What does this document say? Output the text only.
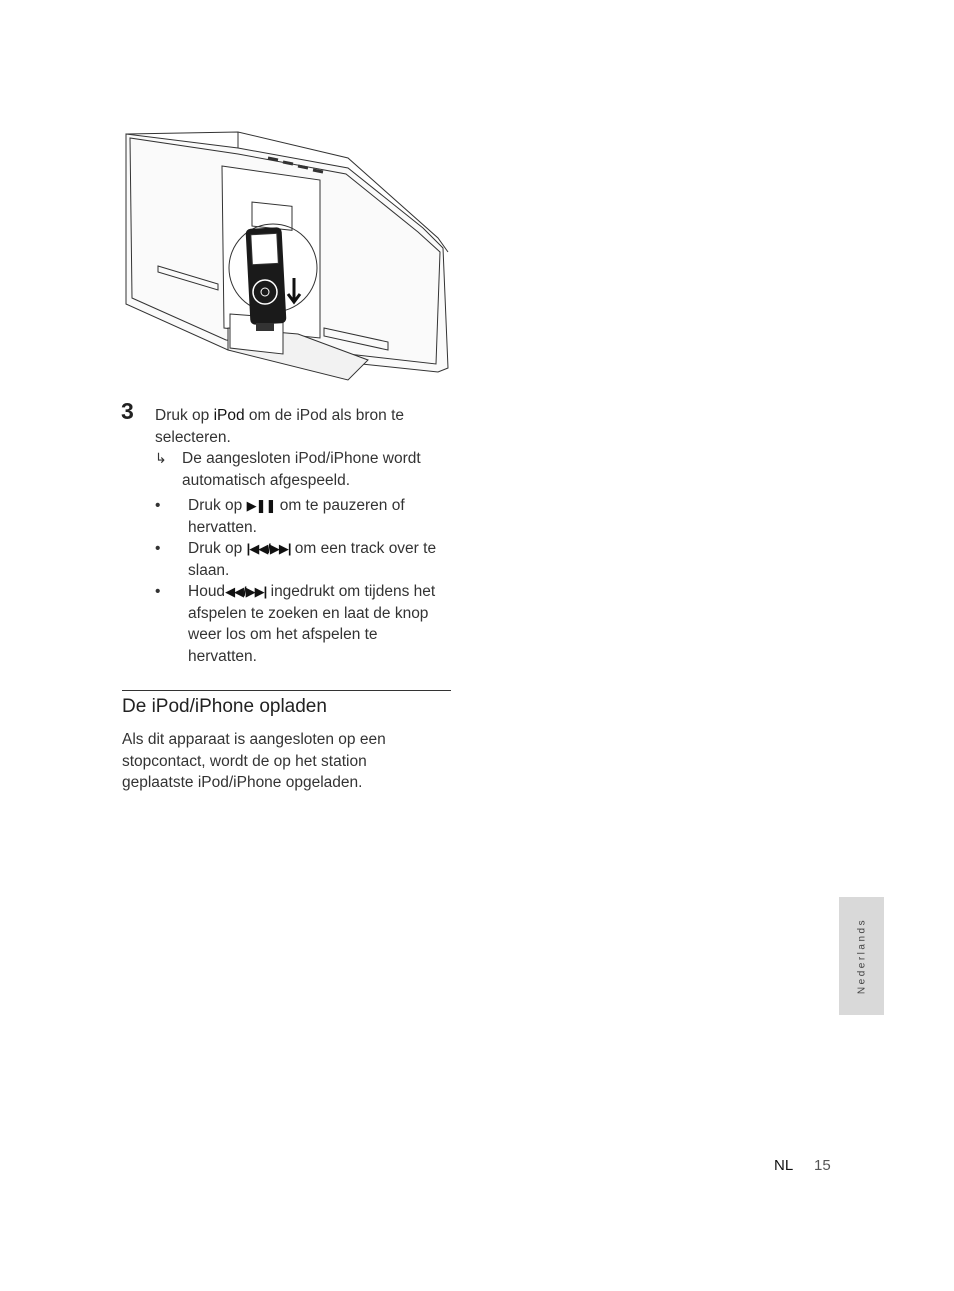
3 Druk op iPod om de iPod als bron te selecteren.
↳ De aangesloten iPod/iPhone wordt automatisch afgespeeld.
• Druk op ▶❚❚ om te pauzeren of hervatten.
• Druk op |◀◀/▶▶| om een track over te slaan.
• Houd◀◀/▶▶| ingedrukt om tijdens het afspelen te zoeken en laat de knop weer los om het afspelen te hervatten.
De iPod/iPhone opladen
Als dit apparaat is aangesloten op een stopcontact, wordt de op het station geplaatste iPod/iPhone opgeladen.
Nederlands
NL 15
